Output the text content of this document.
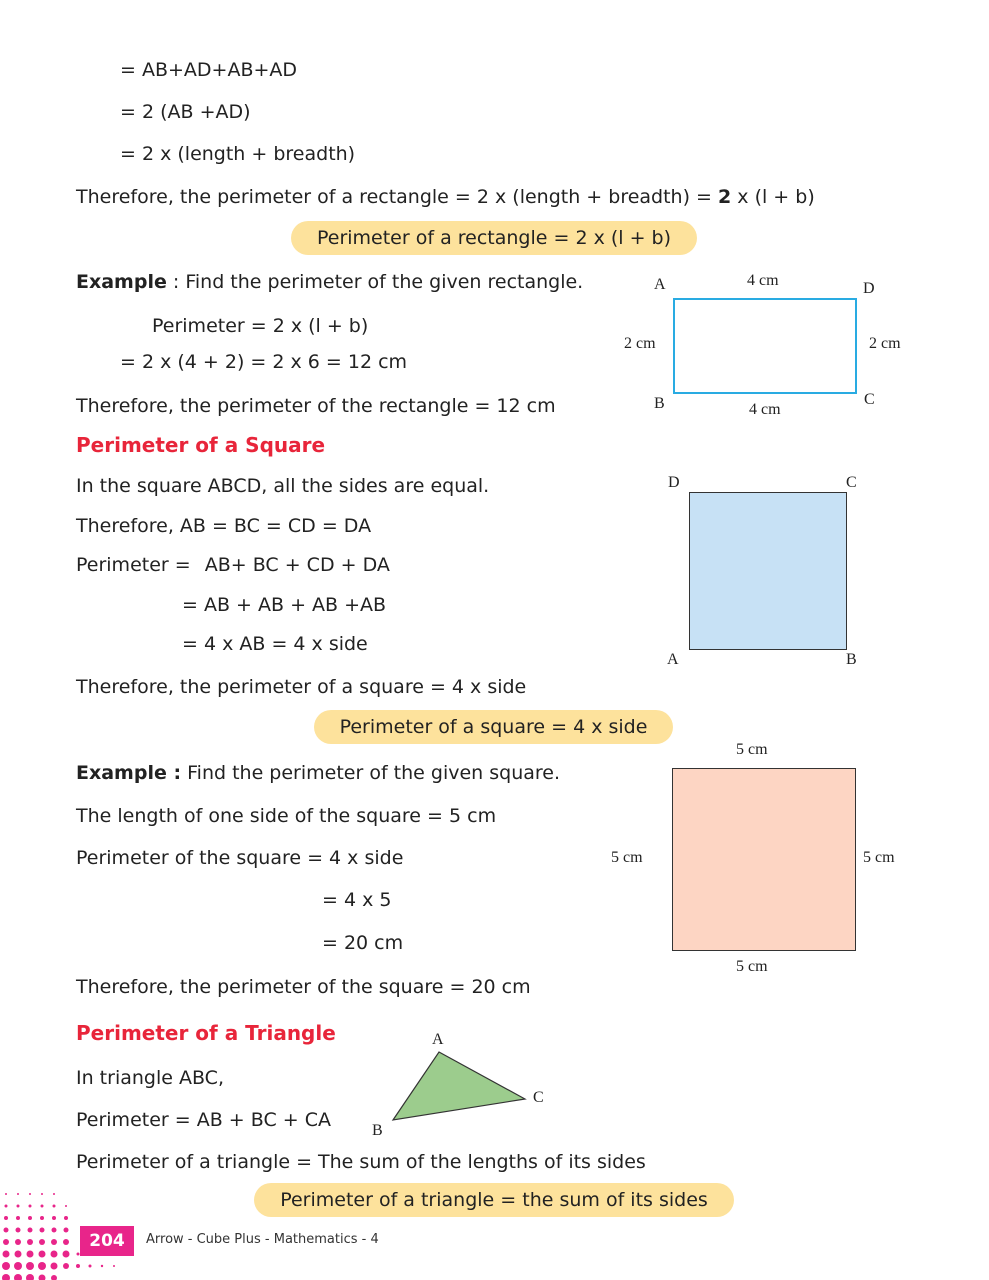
= AB+AD+AB+AD
= 2 (AB +AD)
= 2 x (length + breadth)
Therefore, the perimeter of a rectangle = 2 x (length + breadth) = 2 x (l + b)
Perimeter of a rectangle = 2 x (l + b)
Example : Find the perimeter of the given rectangle.
Perimeter = 2 x (l + b)
= 2 x (4 + 2) = 2 x 6 = 12 cm
Therefore, the perimeter of the rectangle = 12 cm
A	D
B	C
4 cm
4 cm
2 cm	2 cm
Perimeter of a Square
In the square ABCD, all the sides are equal.
Therefore, AB = BC = CD = DA
Perimeter = AB+ BC + CD + DA
= AB + AB + AB +AB
= 4 x AB = 4 x side
Therefore, the perimeter of a square = 4 x side
D	C
A	B
Perimeter of a square = 4 x side
Example : Find the perimeter of the given square.
The length of one side of the square = 5 cm
Perimeter of the square = 4 x side
= 4 x 5
= 20 cm
Therefore, the perimeter of the square = 20 cm
5 cm
5 cm
5 cm	5 cm
Perimeter of a Triangle
In triangle ABC,
Perimeter = AB + BC + CA
Perimeter of a triangle = The sum of the lengths of its sides
A
C
B
Perimeter of a triangle = the sum of its sides
204	Arrow - Cube Plus - Mathematics - 4
